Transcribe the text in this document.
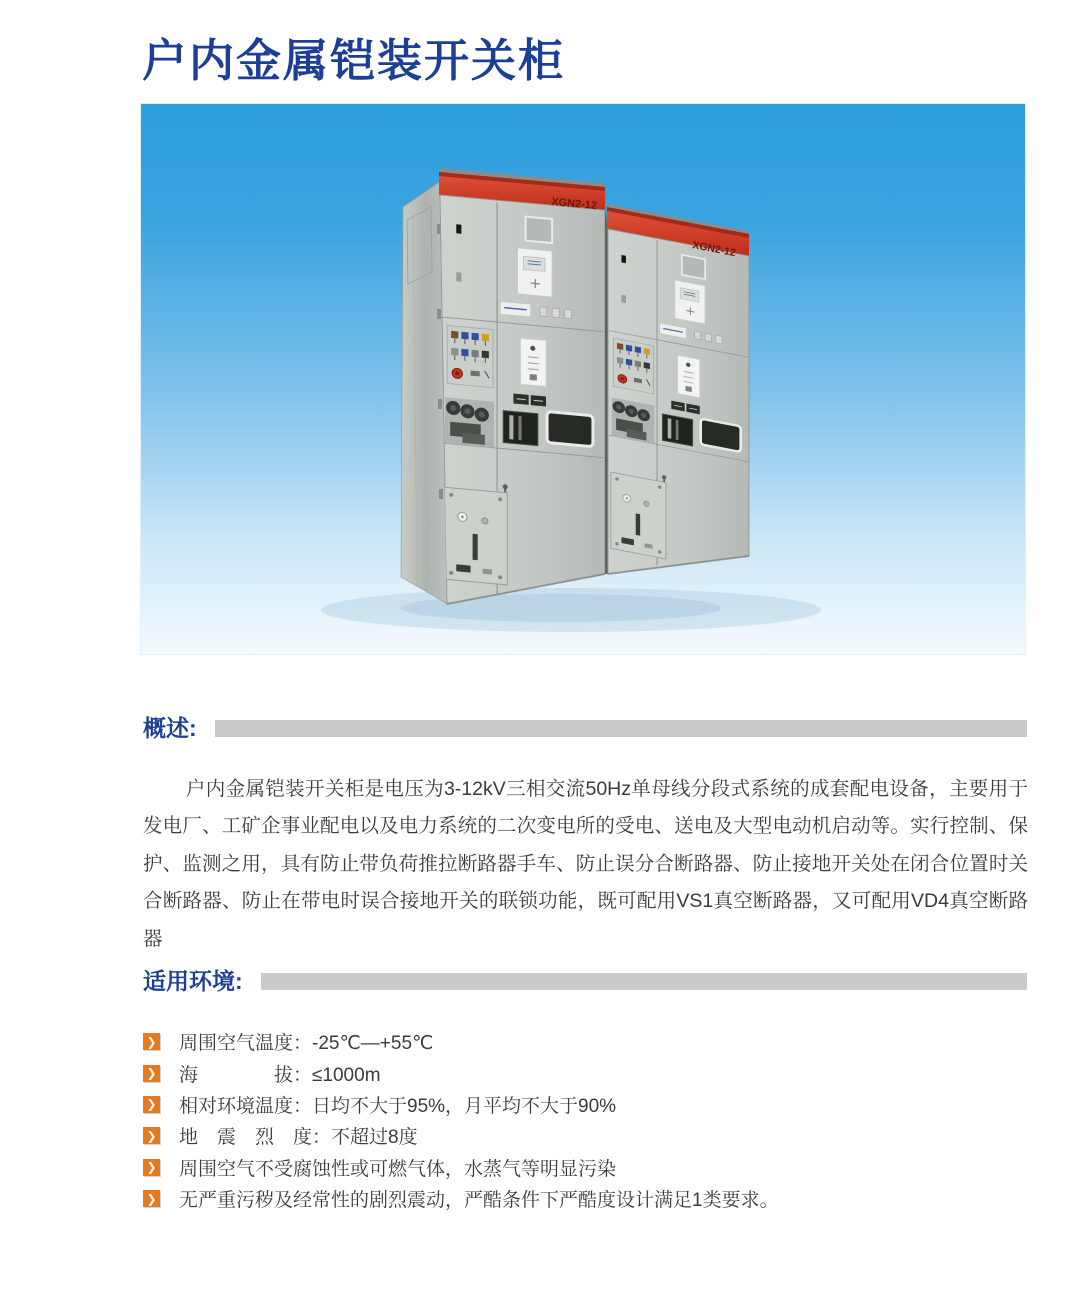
户内金属铠装开关柜
XGN2-12
XGN2-12
概述:

户内金属铠装开关柜是电压为3-12kV三相交流50Hz单母线分段式系统的成套配电设备，主要用于发电厂、工矿企事业配电以及电力系统的二次变电所的受电、送电及大型电动机启动等。实行控制、保护、监测之用，具有防止带负荷推拉断路器手车、防止误分合断路器、防止接地开关处在闭合位置时关合断路器、防止在带电时误合接地开关的联锁功能，既可配用VS1真空断路器，又可配用VD4真空断路器

适用环境:
❯ 周围空气温度：-25℃—+55℃
❯ 海　　　　拔：≤1000m
❯ 相对环境温度：日均不大于95%，月平均不大于90%
❯ 地　震　烈　度：不超过8度
❯ 周围空气不受腐蚀性或可燃气体，水蒸气等明显污染
❯ 无严重污秽及经常性的剧烈震动，严酷条件下严酷度设计满足1类要求。
